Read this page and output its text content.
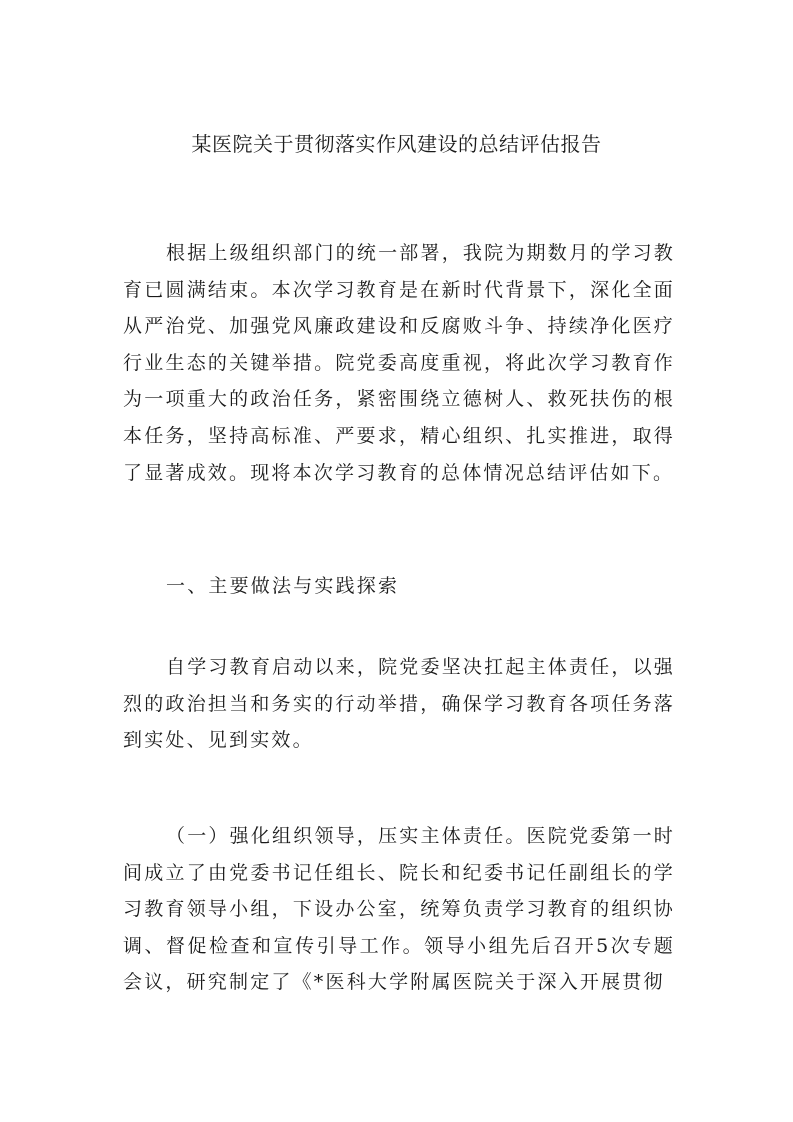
某医院关于贯彻落实作风建设的总结评估报告

根据上级组织部门的统一部署，我院为期数月的学习教育已圆满结束。本次学习教育是在新时代背景下，深化全面从严治党、加强党风廉政建设和反腐败斗争、持续净化医疗行业生态的关键举措。院党委高度重视，将此次学习教育作为一项重大的政治任务，紧密围绕立德树人、救死扶伤的根本任务，坚持高标准、严要求，精心组织、扎实推进，取得了显著成效。现将本次学习教育的总体情况总结评估如下。

一、主要做法与实践探索

自学习教育启动以来，院党委坚决扛起主体责任，以强烈的政治担当和务实的行动举措，确保学习教育各项任务落到实处、见到实效。

（一）强化组织领导，压实主体责任。医院党委第一时间成立了由党委书记任组长、院长和纪委书记任副组长的学习教育领导小组，下设办公室，统筹负责学习教育的组织协调、督促检查和宣传引导工作。领导小组先后召开5次专题会议，研究制定了《*医科大学附属医院关于深入开展贯彻
